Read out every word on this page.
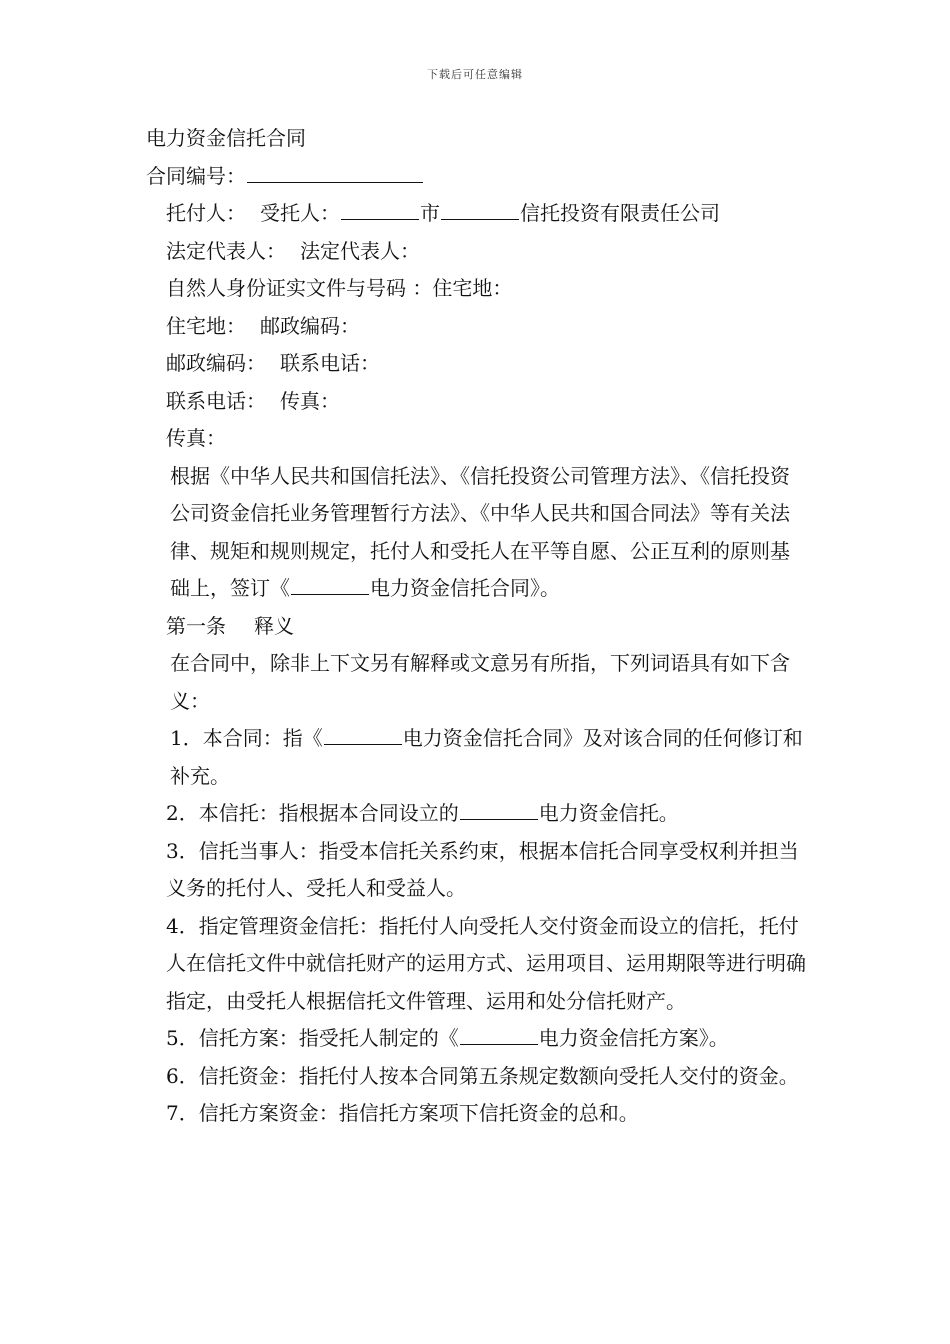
下载后可任意编辑
电力资金信托合同
合同编号：
托付人： 受托人：	市	信托投资有限责任公司
法定代表人： 法定代表人：
自然人身份证实文件与号码 ：住宅地：
住宅地： 邮政编码：
邮政编码： 联系电话：
联系电话： 传真：
传真：
根据《中华人民共和国信托法》、《信托投资公司管理方法》、《信托投资公司资金信托业务管理暂行方法》、《中华人民共和国合同法》等有关法律、规矩和规则规定，托付人和受托人在平等自愿、公正互利的原则基础上，签订《	电力资金信托合同》。
第一条 释义
在合同中，除非上下文另有解释或文意另有所指，下列词语具有如下含义：
1．本合同：指《	电力资金信托合同》及对该合同的任何修订和补充。
2．本信托：指根据本合同设立的	电力资金信托。
3．信托当事人：指受本信托关系约束，根据本信托合同享受权利并担当义务的托付人、受托人和受益人。
4．指定管理资金信托：指托付人向受托人交付资金而设立的信托，托付人在信托文件中就信托财产的运用方式、运用项目、运用期限等进行明确指定，由受托人根据信托文件管理、运用和处分信托财产。
5．信托方案：指受托人制定的《	电力资金信托方案》。
6．信托资金：指托付人按本合同第五条规定数额向受托人交付的资金。
7．信托方案资金：指信托方案项下信托资金的总和。
